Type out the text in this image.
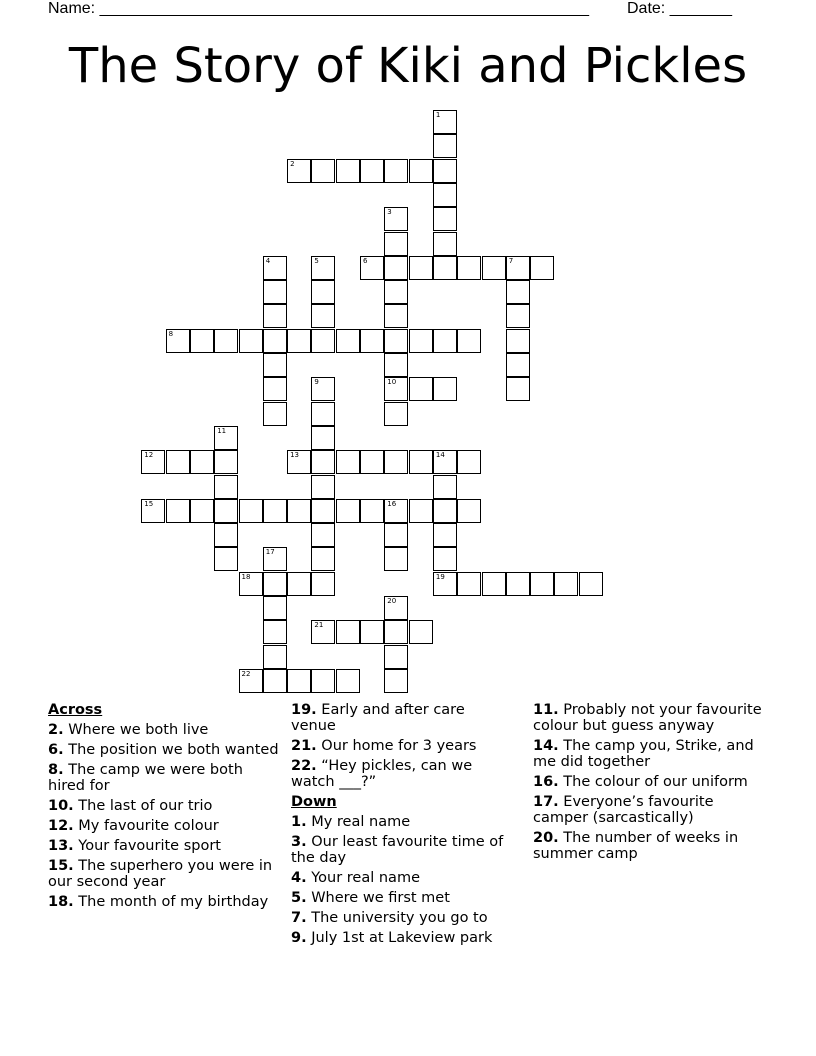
Name: _______________________________________________________ Date: _______
The Story of Kiki and Pickles
2
6	7
8
10
12	13	14
15	16
18	19
21
22
1
3
4	5
9
11
17
20
Across
2. Where we both live
6. The position we both wanted
8. The camp we were both hired for
10. The last of our trio
12. My favourite colour
13. Your favourite sport
15. The superhero you were in our second year
18. The month of my birthday
19. Early and after care venue
21. Our home for 3 years
22. “Hey pickles, can we watch ___?”
Down
1. My real name
3. Our least favourite time of the day
4. Your real name
5. Where we first met
7. The university you go to
9. July 1st at Lakeview park
11. Probably not your favourite colour but guess anyway
14. The camp you, Strike, and me did together
16. The colour of our uniform
17. Everyone’s favourite camper (sarcastically)
20. The number of weeks in summer camp
